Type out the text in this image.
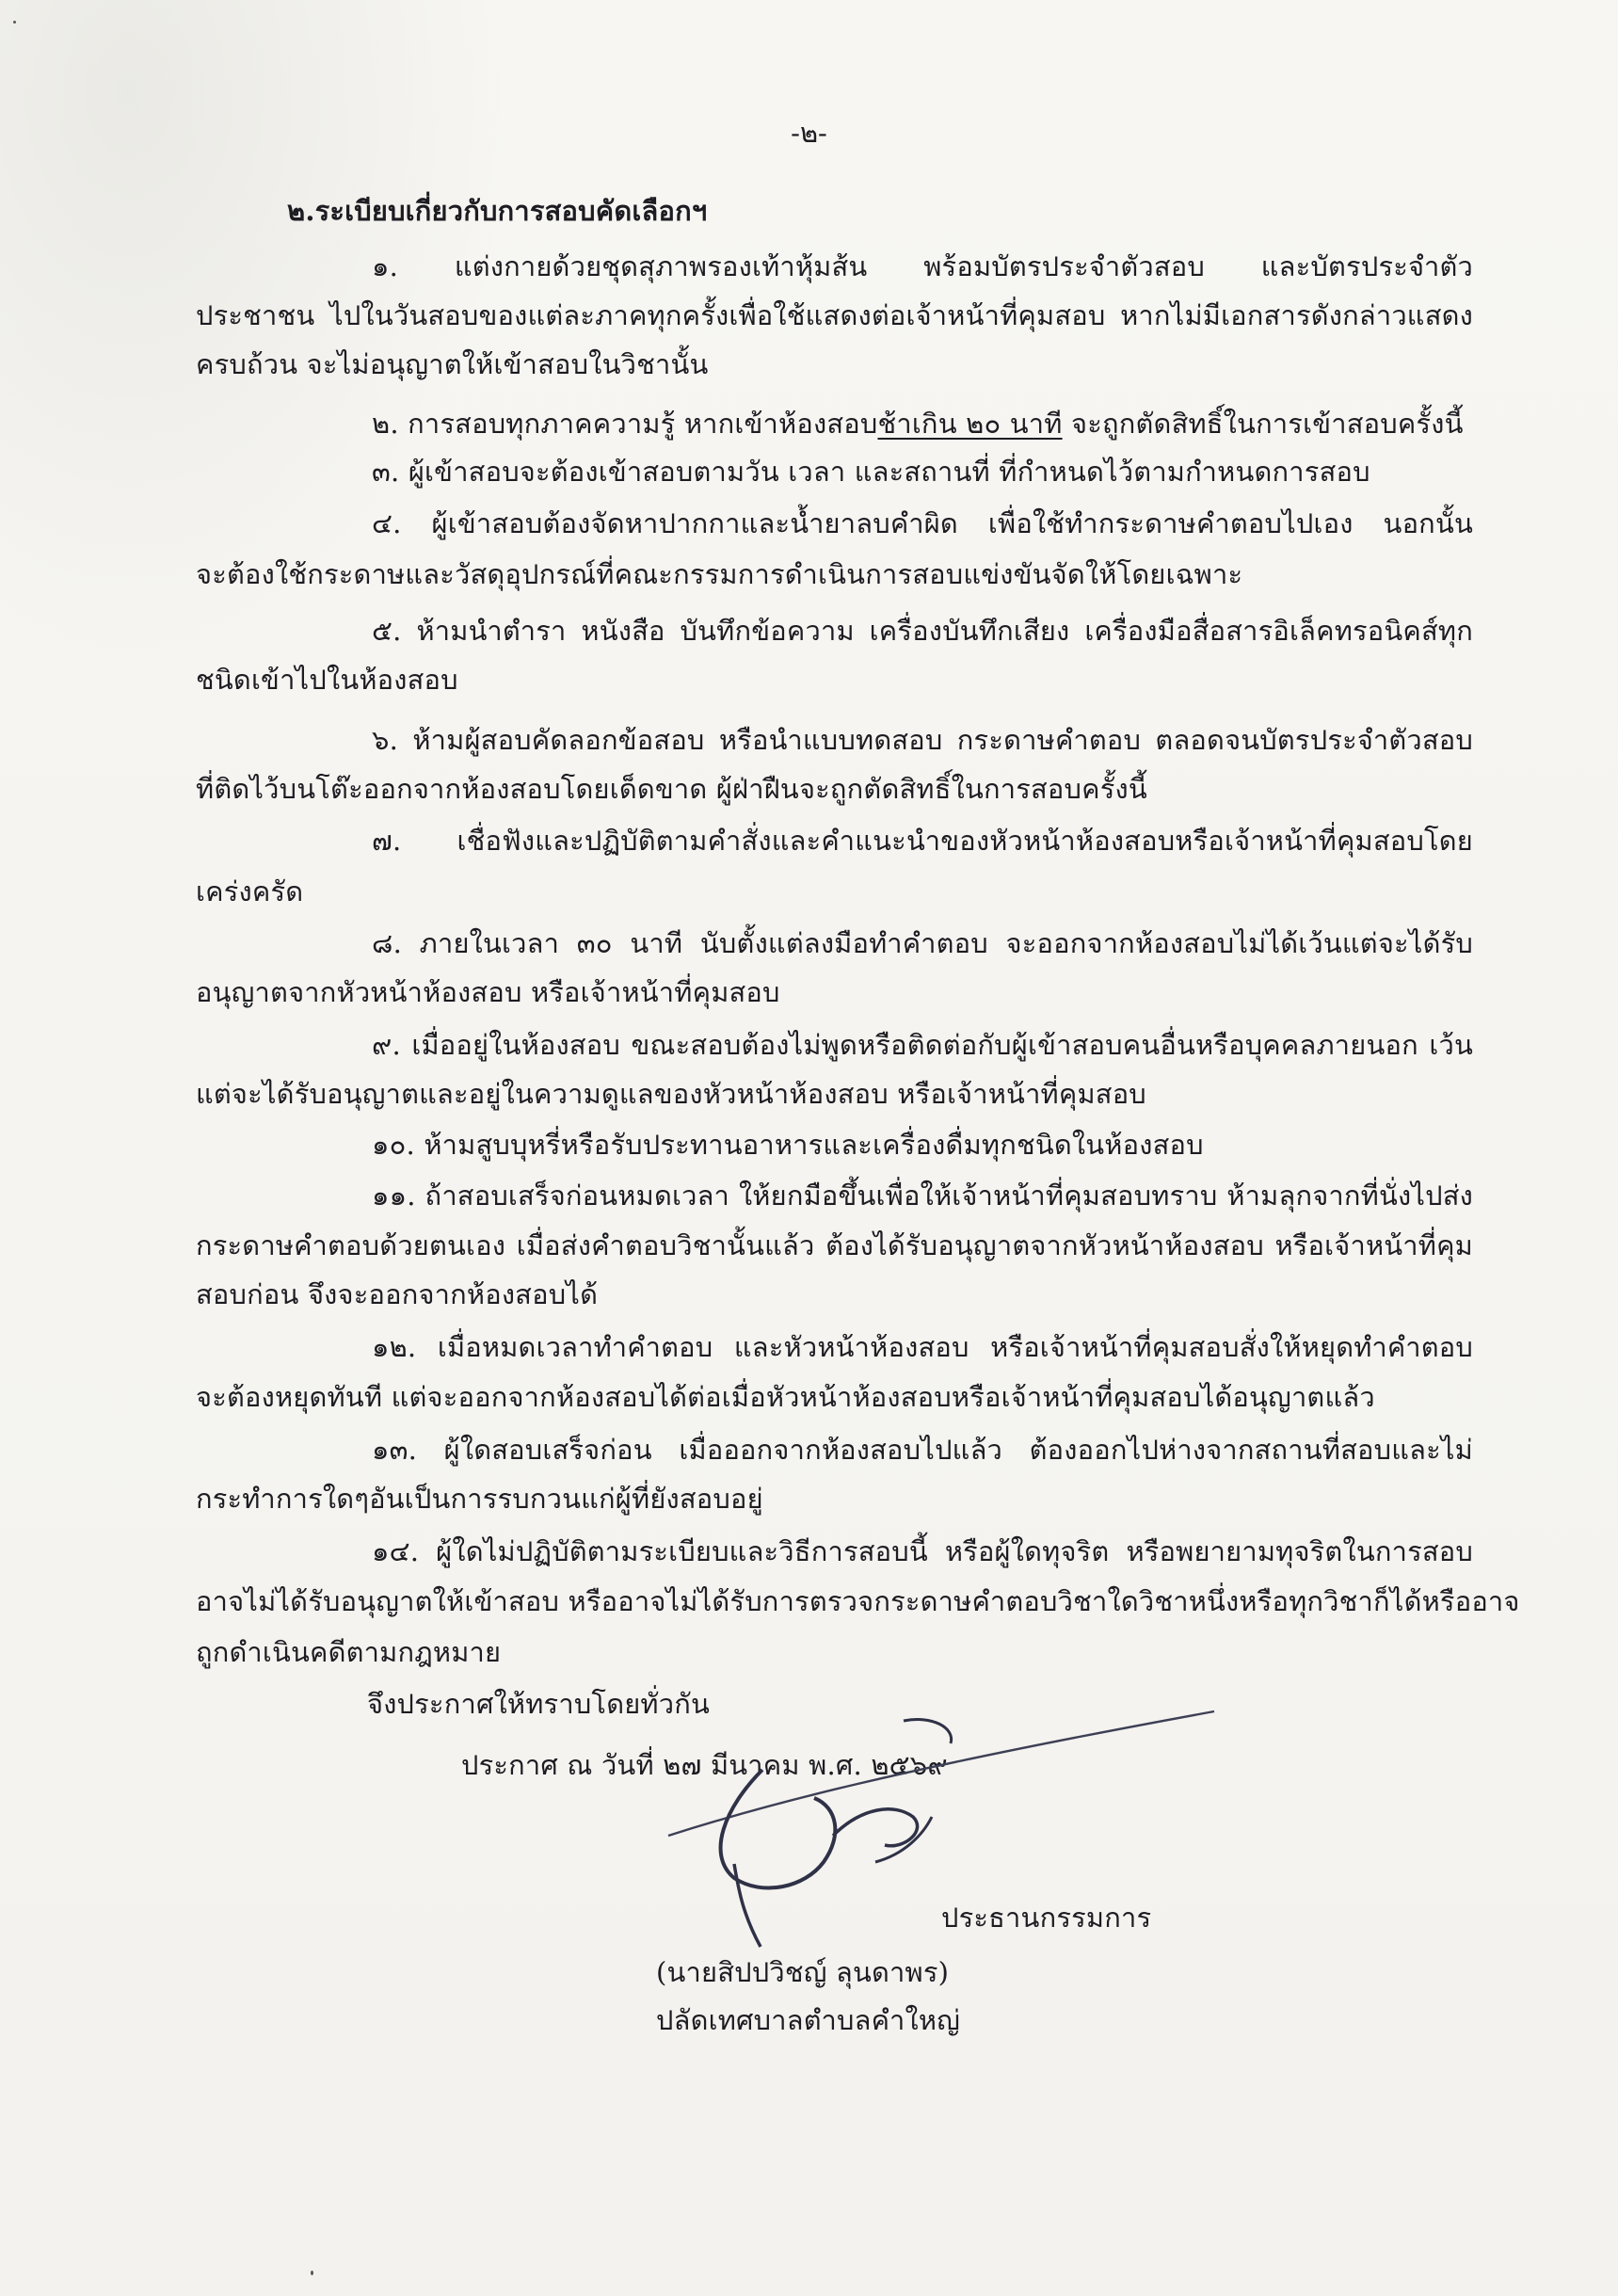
-๒-
๒.ระเบียบเกี่ยวกับการสอบคัดเลือกฯ
๑. แต่งกายด้วยชุดสุภาพรองเท้าหุ้มส้น พร้อมบัตรประจำตัวสอบ และบัตรประจำตัว
ประชาชน ไปในวันสอบของแต่ละภาคทุกครั้งเพื่อใช้แสดงต่อเจ้าหน้าที่คุมสอบ หากไม่มีเอกสารดังกล่าวแสดง
ครบถ้วน จะไม่อนุญาตให้เข้าสอบในวิชานั้น
๒. การสอบทุกภาคความรู้ หากเข้าห้องสอบช้าเกิน ๒๐ นาที จะถูกตัดสิทธิ์ในการเข้าสอบครั้งนี้
๓. ผู้เข้าสอบจะต้องเข้าสอบตามวัน เวลา และสถานที่ ที่กำหนดไว้ตามกำหนดการสอบ
๔. ผู้เข้าสอบต้องจัดหาปากกาและน้ำยาลบคำผิด เพื่อใช้ทำกระดาษคำตอบไปเอง นอกนั้น
จะต้องใช้กระดาษและวัสดุอุปกรณ์ที่คณะกรรมการดำเนินการสอบแข่งขันจัดให้โดยเฉพาะ
๕. ห้ามนำตำรา หนังสือ บันทึกข้อความ เครื่องบันทึกเสียง เครื่องมือสื่อสารอิเล็คทรอนิคส์ทุก
ชนิดเข้าไปในห้องสอบ
๖. ห้ามผู้สอบคัดลอกข้อสอบ หรือนำแบบทดสอบ กระดาษคำตอบ ตลอดจนบัตรประจำตัวสอบ
ที่ติดไว้บนโต๊ะออกจากห้องสอบโดยเด็ดขาด ผู้ฝ่าฝืนจะถูกตัดสิทธิ์ในการสอบครั้งนี้
๗. เชื่อฟังและปฏิบัติตามคำสั่งและคำแนะนำของหัวหน้าห้องสอบหรือเจ้าหน้าที่คุมสอบโดย
เคร่งครัด
๘. ภายในเวลา ๓๐ นาที นับตั้งแต่ลงมือทำคำตอบ จะออกจากห้องสอบไม่ได้เว้นแต่จะได้รับ
อนุญาตจากหัวหน้าห้องสอบ หรือเจ้าหน้าที่คุมสอบ
๙. เมื่ออยู่ในห้องสอบ ขณะสอบต้องไม่พูดหรือติดต่อกับผู้เข้าสอบคนอื่นหรือบุคคลภายนอก เว้น
แต่จะได้รับอนุญาตและอยู่ในความดูแลของหัวหน้าห้องสอบ หรือเจ้าหน้าที่คุมสอบ
๑๐. ห้ามสูบบุหรี่หรือรับประทานอาหารและเครื่องดื่มทุกชนิดในห้องสอบ
๑๑. ถ้าสอบเสร็จก่อนหมดเวลา ให้ยกมือขึ้นเพื่อให้เจ้าหน้าที่คุมสอบทราบ ห้ามลุกจากที่นั่งไปส่ง
กระดาษคำตอบด้วยตนเอง เมื่อส่งคำตอบวิชานั้นแล้ว ต้องได้รับอนุญาตจากหัวหน้าห้องสอบ หรือเจ้าหน้าที่คุม
สอบก่อน จึงจะออกจากห้องสอบได้
๑๒. เมื่อหมดเวลาทำคำตอบ และหัวหน้าห้องสอบ หรือเจ้าหน้าที่คุมสอบสั่งให้หยุดทำคำตอบ
จะต้องหยุดทันที แต่จะออกจากห้องสอบได้ต่อเมื่อหัวหน้าห้องสอบหรือเจ้าหน้าที่คุมสอบได้อนุญาตแล้ว
๑๓. ผู้ใดสอบเสร็จก่อน เมื่อออกจากห้องสอบไปแล้ว ต้องออกไปห่างจากสถานที่สอบและไม่
กระทำการใดๆอันเป็นการรบกวนแก่ผู้ที่ยังสอบอยู่
๑๔. ผู้ใดไม่ปฏิบัติตามระเบียบและวิธีการสอบนี้ หรือผู้ใดทุจริต หรือพยายามทุจริตในการสอบ
อาจไม่ได้รับอนุญาตให้เข้าสอบ หรืออาจไม่ได้รับการตรวจกระดาษคำตอบวิชาใดวิชาหนึ่งหรือทุกวิชาก็ได้หรืออาจ
ถูกดำเนินคดีตามกฎหมาย
จึงประกาศให้ทราบโดยทั่วกัน
ประกาศ ณ วันที่ ๒๗ มีนาคม พ.ศ. ๒๕๖๙
ประธานกรรมการ
(นายสิปปวิชญ์ ลุนดาพร)
ปลัดเทศบาลตำบลคำใหญ่
